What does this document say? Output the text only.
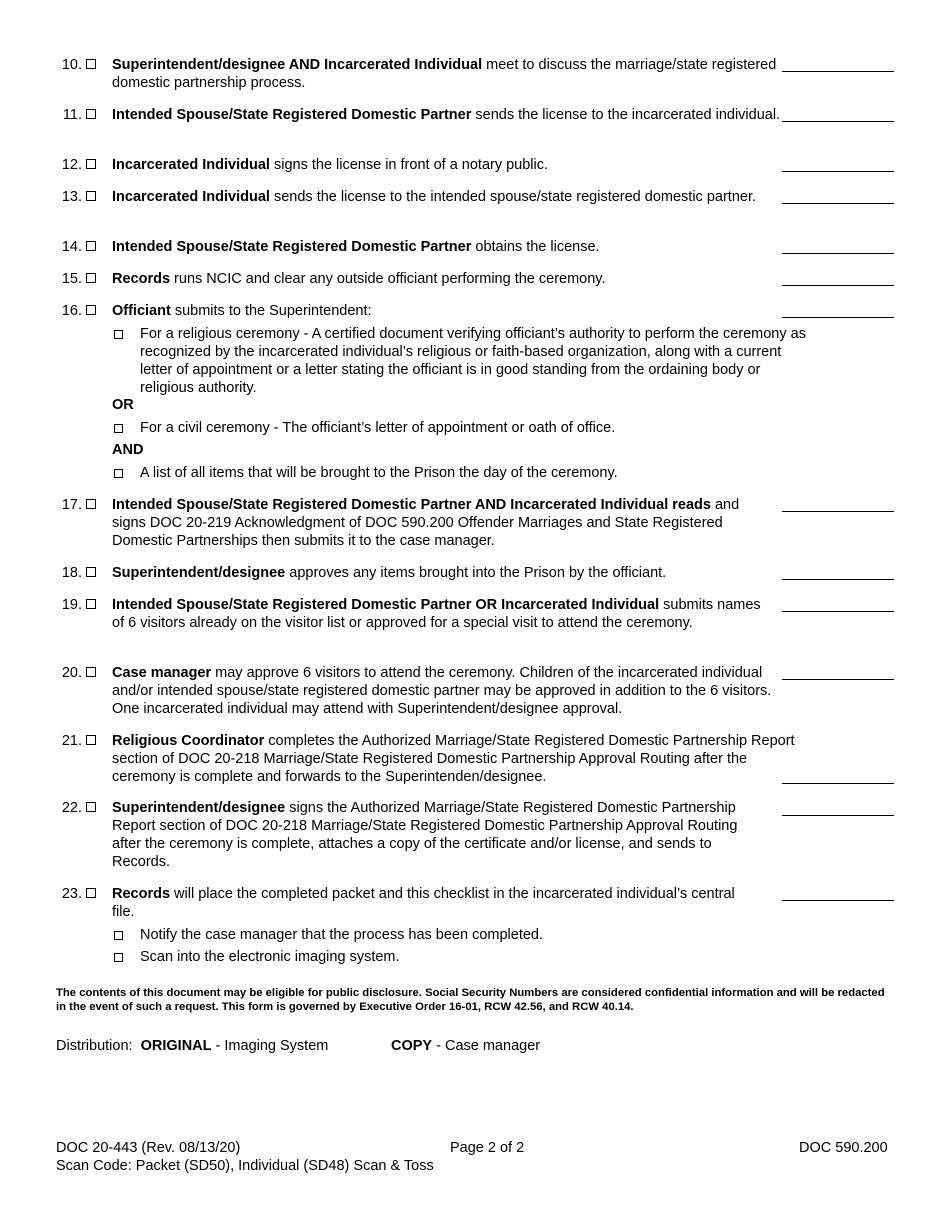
10. Superintendent/designee AND Incarcerated Individual meet to discuss the marriage/state registered domestic partnership process.
11. Intended Spouse/State Registered Domestic Partner sends the license to the incarcerated individual.
12. Incarcerated Individual signs the license in front of a notary public.
13. Incarcerated Individual sends the license to the intended spouse/state registered domestic partner.
14. Intended Spouse/State Registered Domestic Partner obtains the license.
15. Records runs NCIC and clear any outside officiant performing the ceremony.
16. Officiant submits to the Superintendent:
For a religious ceremony - A certified document verifying officiant’s authority to perform the ceremony as recognized by the incarcerated individual’s religious or faith-based organization, along with a current letter of appointment or a letter stating the officiant is in good standing from the ordaining body or religious authority.
OR
For a civil ceremony - The officiant’s letter of appointment or oath of office.
AND
A list of all items that will be brought to the Prison the day of the ceremony.
17. Intended Spouse/State Registered Domestic Partner AND Incarcerated Individual reads and signs DOC 20-219 Acknowledgment of DOC 590.200 Offender Marriages and State Registered Domestic Partnerships then submits it to the case manager.
18. Superintendent/designee approves any items brought into the Prison by the officiant.
19. Intended Spouse/State Registered Domestic Partner OR Incarcerated Individual submits names of 6 visitors already on the visitor list or approved for a special visit to attend the ceremony.
20. Case manager may approve 6 visitors to attend the ceremony. Children of the incarcerated individual and/or intended spouse/state registered domestic partner may be approved in addition to the 6 visitors. One incarcerated individual may attend with Superintendent/designee approval.
21. Religious Coordinator completes the Authorized Marriage/State Registered Domestic Partnership Report section of DOC 20-218 Marriage/State Registered Domestic Partnership Approval Routing after the ceremony is complete and forwards to the Superintenden/designee.
22. Superintendent/designee signs the Authorized Marriage/State Registered Domestic Partnership Report section of DOC 20-218 Marriage/State Registered Domestic Partnership Approval Routing after the ceremony is complete, attaches a copy of the certificate and/or license, and sends to Records.
23. Records will place the completed packet and this checklist in the incarcerated individual’s central file.
Notify the case manager that the process has been completed.
Scan into the electronic imaging system.
The contents of this document may be eligible for public disclosure. Social Security Numbers are considered confidential information and will be redacted in the event of such a request. This form is governed by Executive Order 16-01, RCW 42.56, and RCW 40.14.
Distribution:  ORIGINAL - Imaging System	COPY - Case manager
DOC 20-443 (Rev. 08/13/20)	Page 2 of 2	DOC 590.200
Scan Code: Packet (SD50), Individual (SD48) Scan & Toss
